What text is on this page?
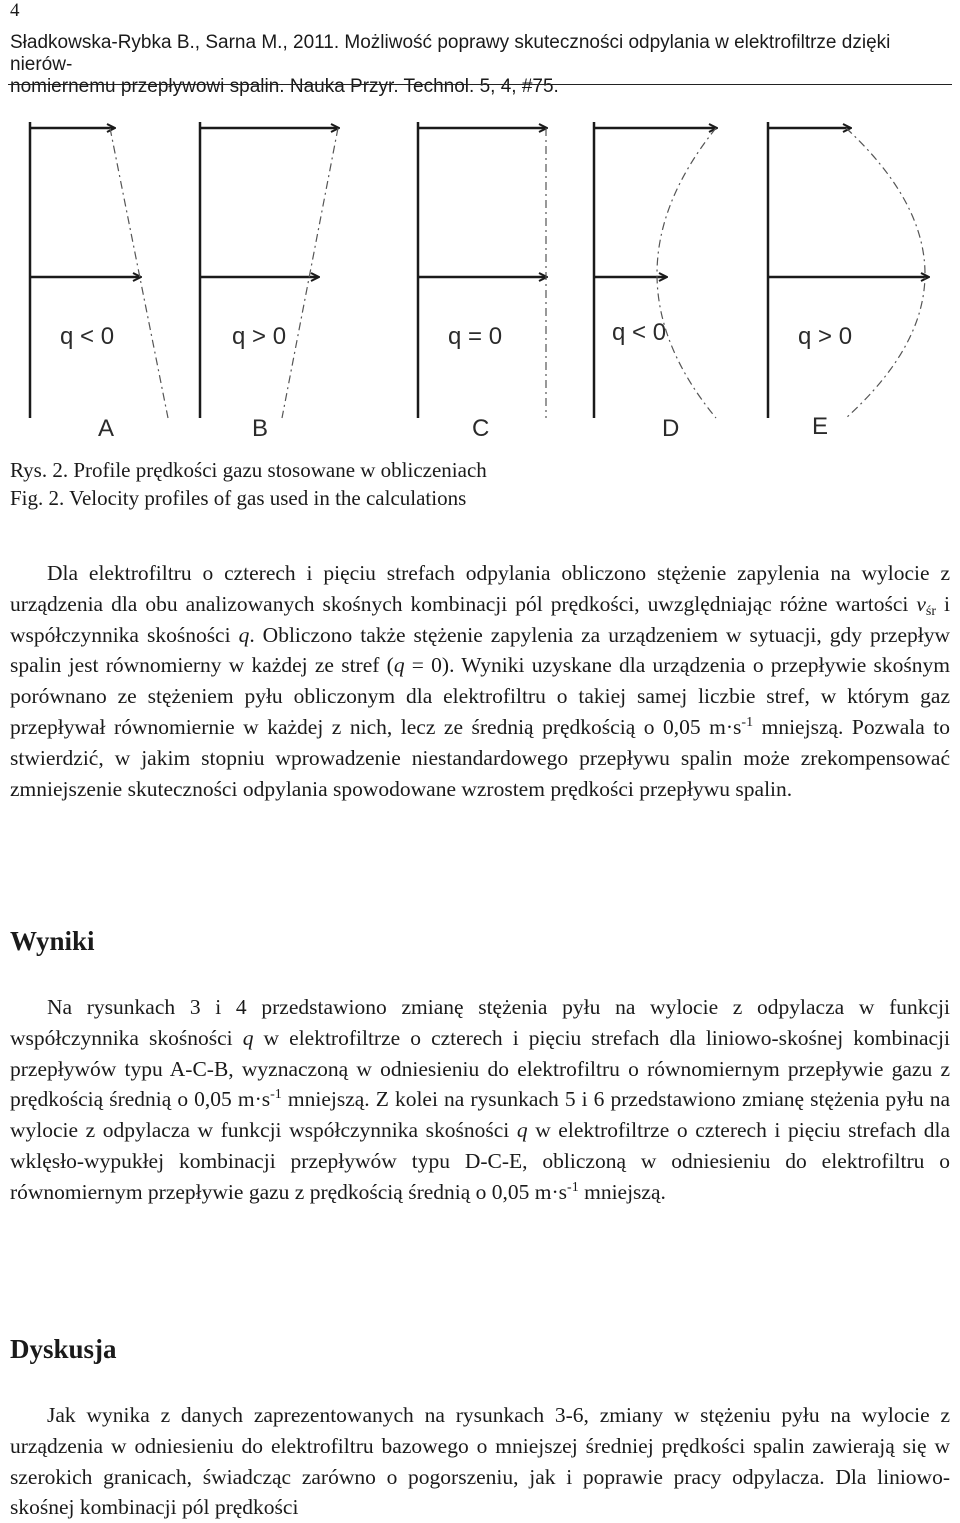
4
Sładkowska-Rybka B., Sarna M., 2011. Możliwość poprawy skuteczności odpylania w elektrofiltrze dzięki nierów-
nomiernemu przepływowi spalin. Nauka Przyr. Technol. 5, 4, #75.
q < 0
A
q > 0
B
q = 0
C
q < 0
D
q > 0
E
Rys. 2. Profile prędkości gazu stosowane w obliczeniach
Fig. 2. Velocity profiles of gas used in the calculations

Dla elektrofiltru o czterech i pięciu strefach odpylania obliczono stężenie zapylenia na wylocie z urządzenia dla obu analizowanych skośnych kombinacji pól prędkości, uwzględniając różne wartości $v_{śr}$ i współczynnika skośności q. Obliczono także stężenie zapylenia za urządzeniem w sytuacji, gdy przepływ spalin jest równomierny w każdej ze stref (q = 0). Wyniki uzyskane dla urządzenia o przepływie skośnym porównano ze stężeniem pyłu obliczonym dla elektrofiltru o takiej samej liczbie stref, w którym gaz przepływał równomiernie w każdej z nich, lecz ze średnią prędkością o 0,05 $m\cdot s^{-1}$ mniejszą. Pozwala to stwierdzić, w jakim stopniu wprowadzenie niestandardowego przepływu spalin może zrekompensować zmniejszenie skuteczności odpylania spowodowane wzrostem prędkości przepływu spalin.

Wyniki

Na rysunkach 3 i 4 przedstawiono zmianę stężenia pyłu na wylocie z odpylacza w funkcji współczynnika skośności q w elektrofiltrze o czterech i pięciu strefach dla liniowo-skośnej kombinacji przepływów typu A-C-B, wyznaczoną w odniesieniu do elektrofiltru o równomiernym przepływie gazu z prędkością średnią o 0,05 $m\cdot s^{-1}$ mniejszą. Z kolei na rysunkach 5 i 6 przedstawiono zmianę stężenia pyłu na wylocie z odpylacza w funkcji współczynnika skośności q w elektrofiltrze o czterech i pięciu strefach dla wklęsło-wypukłej kombinacji przepływów typu D-C-E, obliczoną w odniesieniu do elektrofiltru o równomiernym przepływie gazu z prędkością średnią o 0,05 $m\cdot s^{-1}$ mniejszą.

Dyskusja

Jak wynika z danych zaprezentowanych na rysunkach 3-6, zmiany w stężeniu pyłu na wylocie z urządzenia w odniesieniu do elektrofiltru bazowego o mniejszej średniej prędkości spalin zawierają się w szerokich granicach, świadcząc zarówno o pogorszeniu, jak i poprawie pracy odpylacza. Dla liniowo-skośnej kombinacji pól prędkości
